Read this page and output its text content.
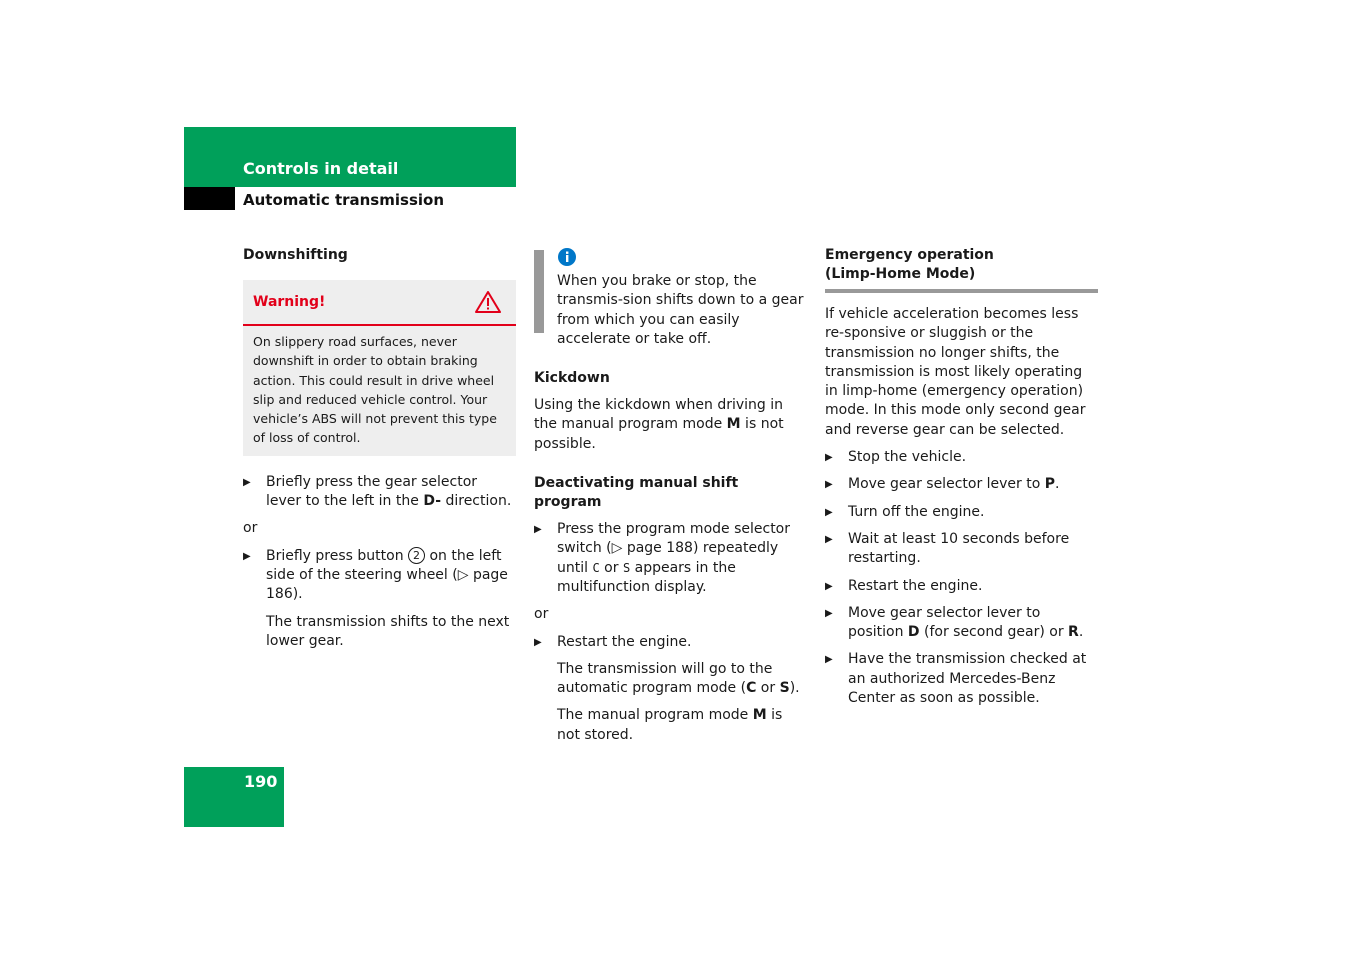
Controls in detail
Automatic transmission
Downshifting
Warning!
On slippery road surfaces, never downshift in order to obtain braking action. This could result in drive wheel slip and reduced vehicle control. Your vehicle’s ABS will not prevent this type of loss of control.
▶ Briefly press the gear selector lever to the left in the D- direction.
or
▶ Briefly press button 2 on the left side of the steering wheel (▷ page 186).
The transmission shifts to the next lower gear.
When you brake or stop, the transmis-sion shifts down to a gear from which you can easily accelerate or take off.
Kickdown
Using the kickdown when driving in the manual program mode M is not possible.
Deactivating manual shift program
▶ Press the program mode selector switch (▷ page 188) repeatedly until C or S appears in the multifunction display.
or
▶ Restart the engine.
The transmission will go to the automatic program mode (C or S).
The manual program mode M is not stored.
Emergency operation
(Limp-Home Mode)
If vehicle acceleration becomes less re-sponsive or sluggish or the transmission no longer shifts, the transmission is most likely operating in limp-home (emergency operation) mode. In this mode only second gear and reverse gear can be selected.
▶ Stop the vehicle.
▶ Move gear selector lever to P.
▶ Turn off the engine.
▶ Wait at least 10 seconds before restarting.
▶ Restart the engine.
▶ Move gear selector lever to position D (for second gear) or R.
▶ Have the transmission checked at an authorized Mercedes-Benz Center as soon as possible.
190
